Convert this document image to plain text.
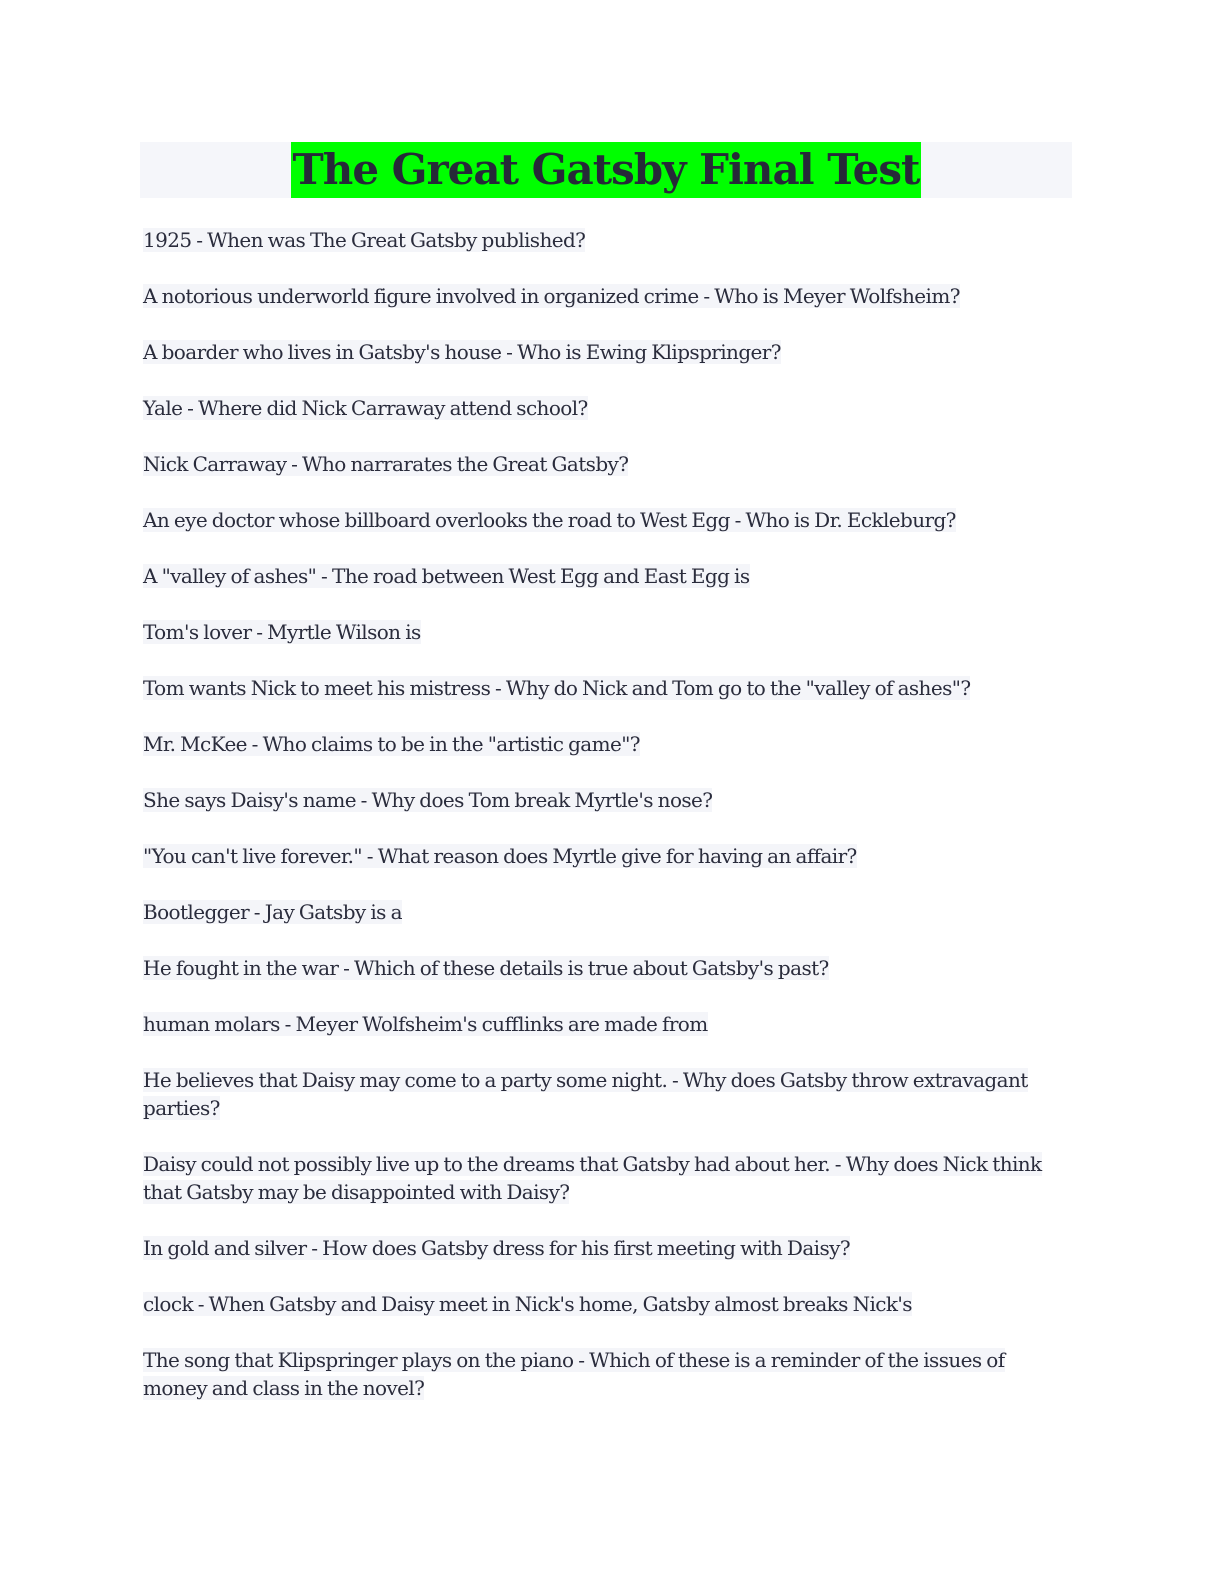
The Great Gatsby Final Test
1925 - When was The Great Gatsby published?
A notorious underworld figure involved in organized crime - Who is Meyer Wolfsheim?
A boarder who lives in Gatsby's house - Who is Ewing Klipspringer?
Yale - Where did Nick Carraway attend school?
Nick Carraway - Who narrarates the Great Gatsby?
An eye doctor whose billboard overlooks the road to West Egg - Who is Dr. Eckleburg?
A "valley of ashes" - The road between West Egg and East Egg is
Tom's lover - Myrtle Wilson is
Tom wants Nick to meet his mistress - Why do Nick and Tom go to the "valley of ashes"?
Mr. McKee - Who claims to be in the "artistic game"?
She says Daisy's name - Why does Tom break Myrtle's nose?
"You can't live forever." - What reason does Myrtle give for having an affair?
Bootlegger - Jay Gatsby is a
He fought in the war - Which of these details is true about Gatsby's past?
human molars - Meyer Wolfsheim's cufflinks are made from
He believes that Daisy may come to a party some night. - Why does Gatsby throw extravagant parties?
Daisy could not possibly live up to the dreams that Gatsby had about her. - Why does Nick think that Gatsby may be disappointed with Daisy?
In gold and silver - How does Gatsby dress for his first meeting with Daisy?
clock - When Gatsby and Daisy meet in Nick's home, Gatsby almost breaks Nick's
The song that Klipspringer plays on the piano - Which of these is a reminder of the issues of money and class in the novel?
